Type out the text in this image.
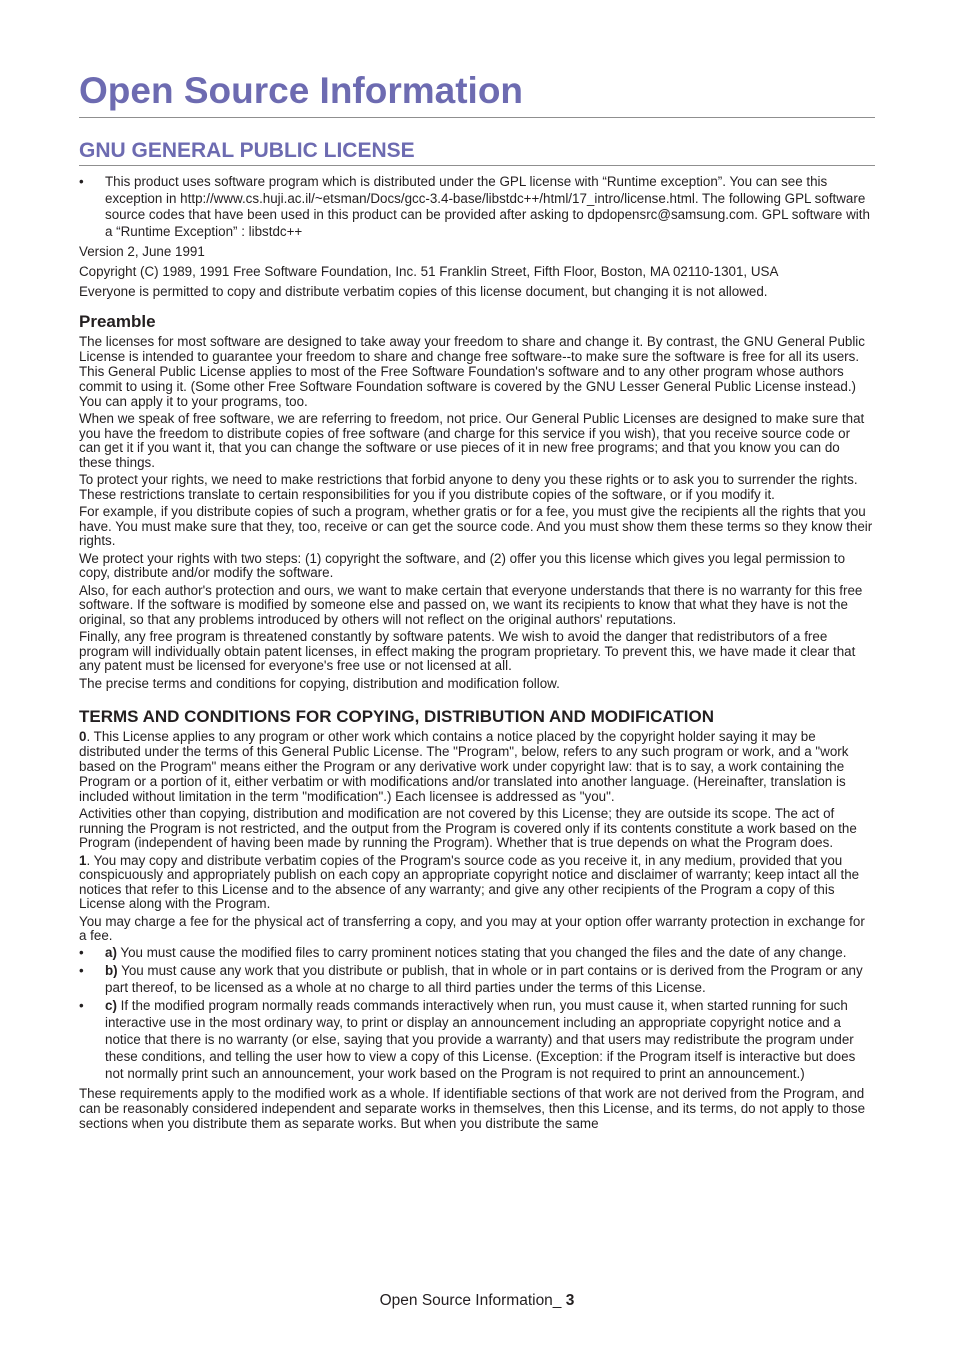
Open Source Information
GNU GENERAL PUBLIC LICENSE
• This product uses software program which is distributed under the GPL license with “Runtime exception”. You can see this exception in http://www.cs.huji.ac.il/~etsman/Docs/gcc-3.4-base/libstdc++/html/17_intro/license.html. The following GPL software source codes that have been used in this product can be provided after asking to dpdopensrc@samsung.com. GPL software with a “Runtime Exception” : libstdc++

Version 2, June 1991

Copyright (C) 1989, 1991 Free Software Foundation, Inc. 51 Franklin Street, Fifth Floor, Boston, MA 02110-1301, USA

Everyone is permitted to copy and distribute verbatim copies of this license document, but changing it is not allowed.

Preamble

The licenses for most software are designed to take away your freedom to share and change it. By contrast, the GNU General Public License is intended to guarantee your freedom to share and change free software--to make sure the software is free for all its users. This General Public License applies to most of the Free Software Foundation's software and to any other program whose authors commit to using it. (Some other Free Software Foundation software is covered by the GNU Lesser General Public License instead.) You can apply it to your programs, too.

When we speak of free software, we are referring to freedom, not price. Our General Public Licenses are designed to make sure that you have the freedom to distribute copies of free software (and charge for this service if you wish), that you receive source code or can get it if you want it, that you can change the software or use pieces of it in new free programs; and that you know you can do these things.

To protect your rights, we need to make restrictions that forbid anyone to deny you these rights or to ask you to surrender the rights. These restrictions translate to certain responsibilities for you if you distribute copies of the software, or if you modify it.

For example, if you distribute copies of such a program, whether gratis or for a fee, you must give the recipients all the rights that you have. You must make sure that they, too, receive or can get the source code. And you must show them these terms so they know their rights.

We protect your rights with two steps: (1) copyright the software, and (2) offer you this license which gives you legal permission to copy, distribute and/or modify the software.

Also, for each author's protection and ours, we want to make certain that everyone understands that there is no warranty for this free software. If the software is modified by someone else and passed on, we want its recipients to know that what they have is not the original, so that any problems introduced by others will not reflect on the original authors' reputations.

Finally, any free program is threatened constantly by software patents. We wish to avoid the danger that redistributors of a free program will individually obtain patent licenses, in effect making the program proprietary. To prevent this, we have made it clear that any patent must be licensed for everyone's free use or not licensed at all.

The precise terms and conditions for copying, distribution and modification follow.

TERMS AND CONDITIONS FOR COPYING, DISTRIBUTION AND MODIFICATION

0. This License applies to any program or other work which contains a notice placed by the copyright holder saying it may be distributed under the terms of this General Public License. The "Program", below, refers to any such program or work, and a "work based on the Program" means either the Program or any derivative work under copyright law: that is to say, a work containing the Program or a portion of it, either verbatim or with modifications and/or translated into another language. (Hereinafter, translation is included without limitation in the term "modification".) Each licensee is addressed as "you".

Activities other than copying, distribution and modification are not covered by this License; they are outside its scope. The act of running the Program is not restricted, and the output from the Program is covered only if its contents constitute a work based on the Program (independent of having been made by running the Program). Whether that is true depends on what the Program does.

1. You may copy and distribute verbatim copies of the Program's source code as you receive it, in any medium, provided that you conspicuously and appropriately publish on each copy an appropriate copyright notice and disclaimer of warranty; keep intact all the notices that refer to this License and to the absence of any warranty; and give any other recipients of the Program a copy of this License along with the Program.

You may charge a fee for the physical act of transferring a copy, and you may at your option offer warranty protection in exchange for a fee.

• a) You must cause the modified files to carry prominent notices stating that you changed the files and the date of any change.
• b) You must cause any work that you distribute or publish, that in whole or in part contains or is derived from the Program or any part thereof, to be licensed as a whole at no charge to all third parties under the terms of this License.
• c) If the modified program normally reads commands interactively when run, you must cause it, when started running for such interactive use in the most ordinary way, to print or display an announcement including an appropriate copyright notice and a notice that there is no warranty (or else, saying that you provide a warranty) and that users may redistribute the program under these conditions, and telling the user how to view a copy of this License. (Exception: if the Program itself is interactive but does not normally print such an announcement, your work based on the Program is not required to print an announcement.)

These requirements apply to the modified work as a whole. If identifiable sections of that work are not derived from the Program, and can be reasonably considered independent and separate works in themselves, then this License, and its terms, do not apply to those sections when you distribute them as separate works. But when you distribute the same

Open Source Information_ 3
